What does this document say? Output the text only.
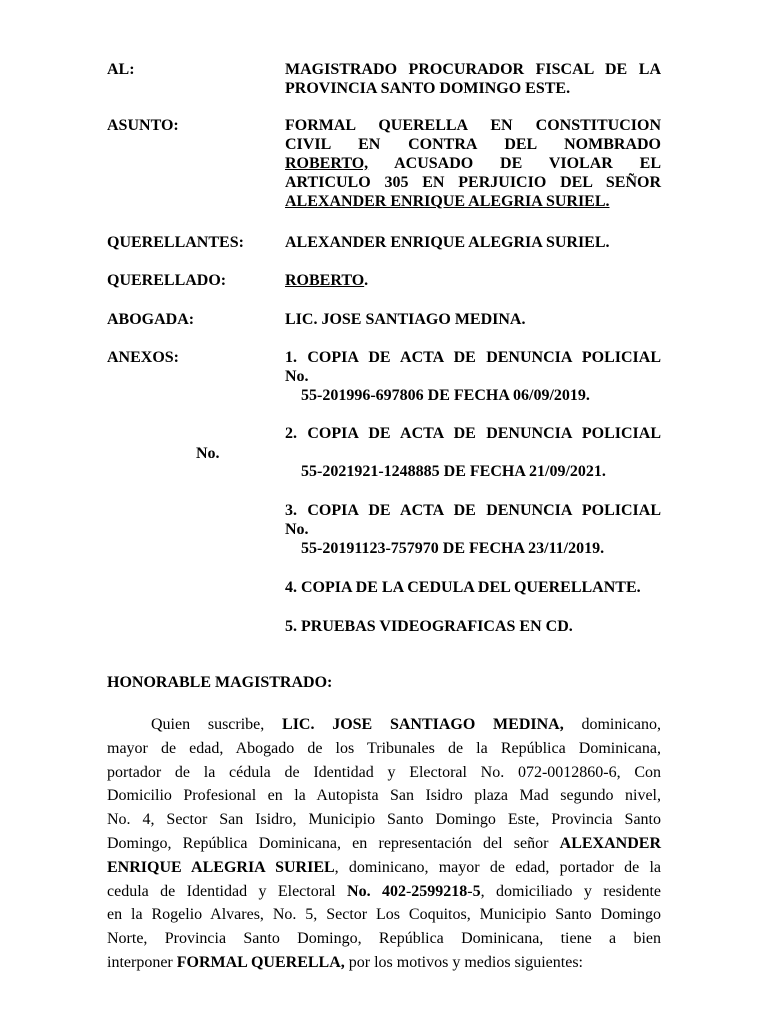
AL:	MAGISTRADO PROCURADOR FISCAL DE LA
PROVINCIA SANTO DOMINGO ESTE.
ASUNTO:	FORMAL QUERELLA EN CONSTITUCION
CIVIL EN CONTRA DEL NOMBRADO
ROBERTO, ACUSADO DE VIOLAR EL
ARTICULO 305 EN PERJUICIO DEL SEÑOR
ALEXANDER ENRIQUE ALEGRIA SURIEL.
QUERELLANTES:	ALEXANDER ENRIQUE ALEGRIA SURIEL.
QUERELLADO:	ROBERTO.
ABOGADA:	LIC. JOSE SANTIAGO MEDINA.
ANEXOS:	1. COPIA DE ACTA DE DENUNCIA POLICIAL
No.
55-201996-697806 DE FECHA 06/09/2019.
2. COPIA DE ACTA DE DENUNCIA POLICIAL
No.
55-2021921-1248885 DE FECHA 21/09/2021.
3. COPIA DE ACTA DE DENUNCIA POLICIAL
No.
55-20191123-757970 DE FECHA 23/11/2019.
4. COPIA DE LA CEDULA DEL QUERELLANTE.
5. PRUEBAS VIDEOGRAFICAS EN CD.
HONORABLE MAGISTRADO:
Quien suscribe, LIC. JOSE SANTIAGO MEDINA, dominicano,
mayor de edad, Abogado de los Tribunales de la República Dominicana,
portador de la cédula de Identidad y Electoral No. 072-0012860-6, Con
Domicilio Profesional en la Autopista San Isidro plaza Mad segundo nivel,
No. 4, Sector San Isidro, Municipio Santo Domingo Este, Provincia Santo
Domingo, República Dominicana, en representación del señor ALEXANDER
ENRIQUE ALEGRIA SURIEL, dominicano, mayor de edad, portador de la
cedula de Identidad y Electoral No. 402-2599218-5, domiciliado y residente
en la Rogelio Alvares, No. 5, Sector Los Coquitos, Municipio Santo Domingo
Norte, Provincia Santo Domingo, República Dominicana, tiene a bien
interponer FORMAL QUERELLA, por los motivos y medios siguientes:
